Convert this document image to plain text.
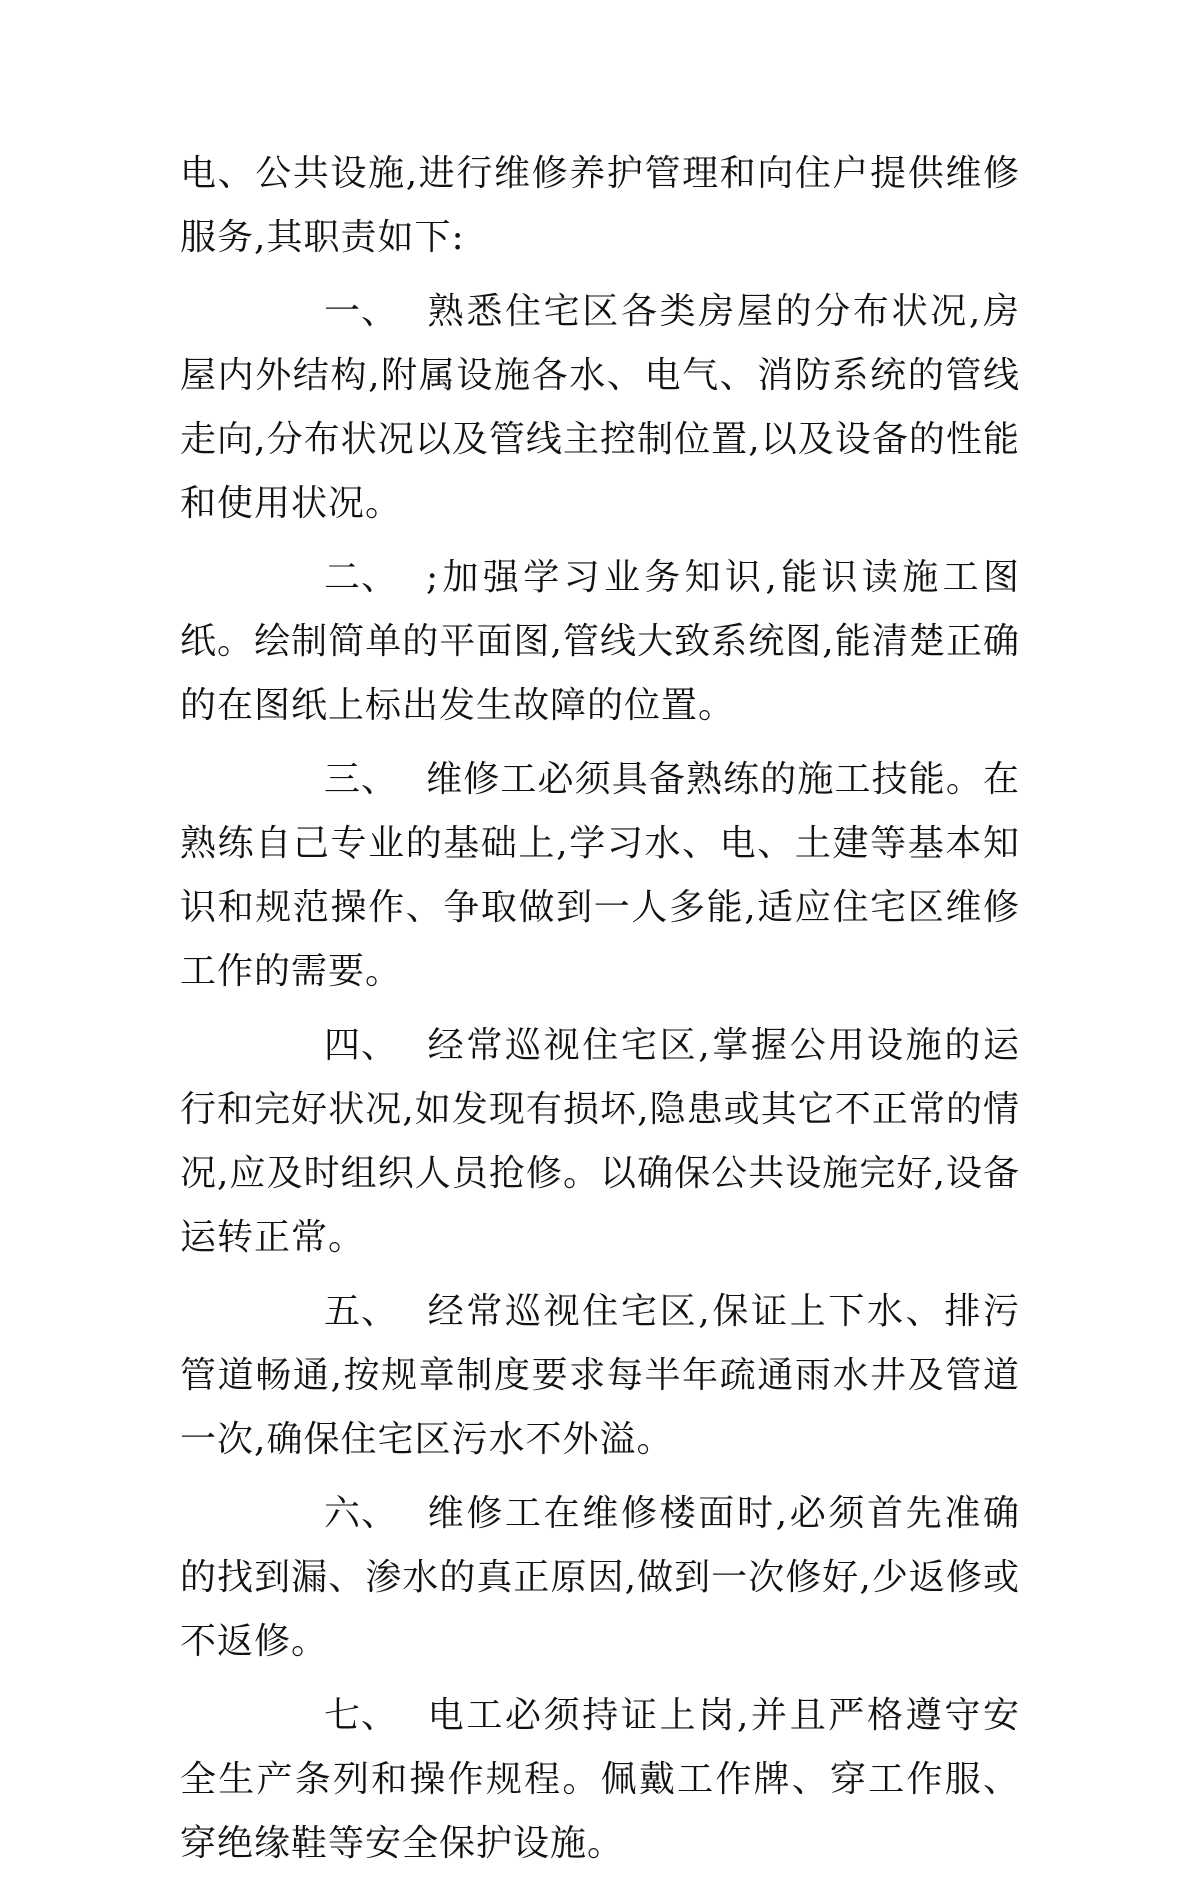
电、公共设施,进行维修养护管理和向住户提供维修服务,其职责如下:

一、 熟悉住宅区各类房屋的分布状况,房屋内外结构,附属设施各水、电气、消防系统的管线走向,分布状况以及管线主控制位置,以及设备的性能和使用状况。

二、 ;加强学习业务知识,能识读施工图纸。绘制简单的平面图,管线大致系统图,能清楚正确的在图纸上标出发生故障的位置。

三、 维修工必须具备熟练的施工技能。在熟练自己专业的基础上,学习水、电、土建等基本知识和规范操作、争取做到一人多能,适应住宅区维修工作的需要。

四、 经常巡视住宅区,掌握公用设施的运行和完好状况,如发现有损坏,隐患或其它不正常的情况,应及时组织人员抢修。以确保公共设施完好,设备运转正常。

五、 经常巡视住宅区,保证上下水、排污管道畅通,按规章制度要求每半年疏通雨水井及管道一次,确保住宅区污水不外溢。

六、 维修工在维修楼面时,必须首先准确的找到漏、渗水的真正原因,做到一次修好,少返修或不返修。

七、 电工必须持证上岗,并且严格遵守安全生产条列和操作规程。佩戴工作牌、穿工作服、穿绝缘鞋等安全保护设施。
